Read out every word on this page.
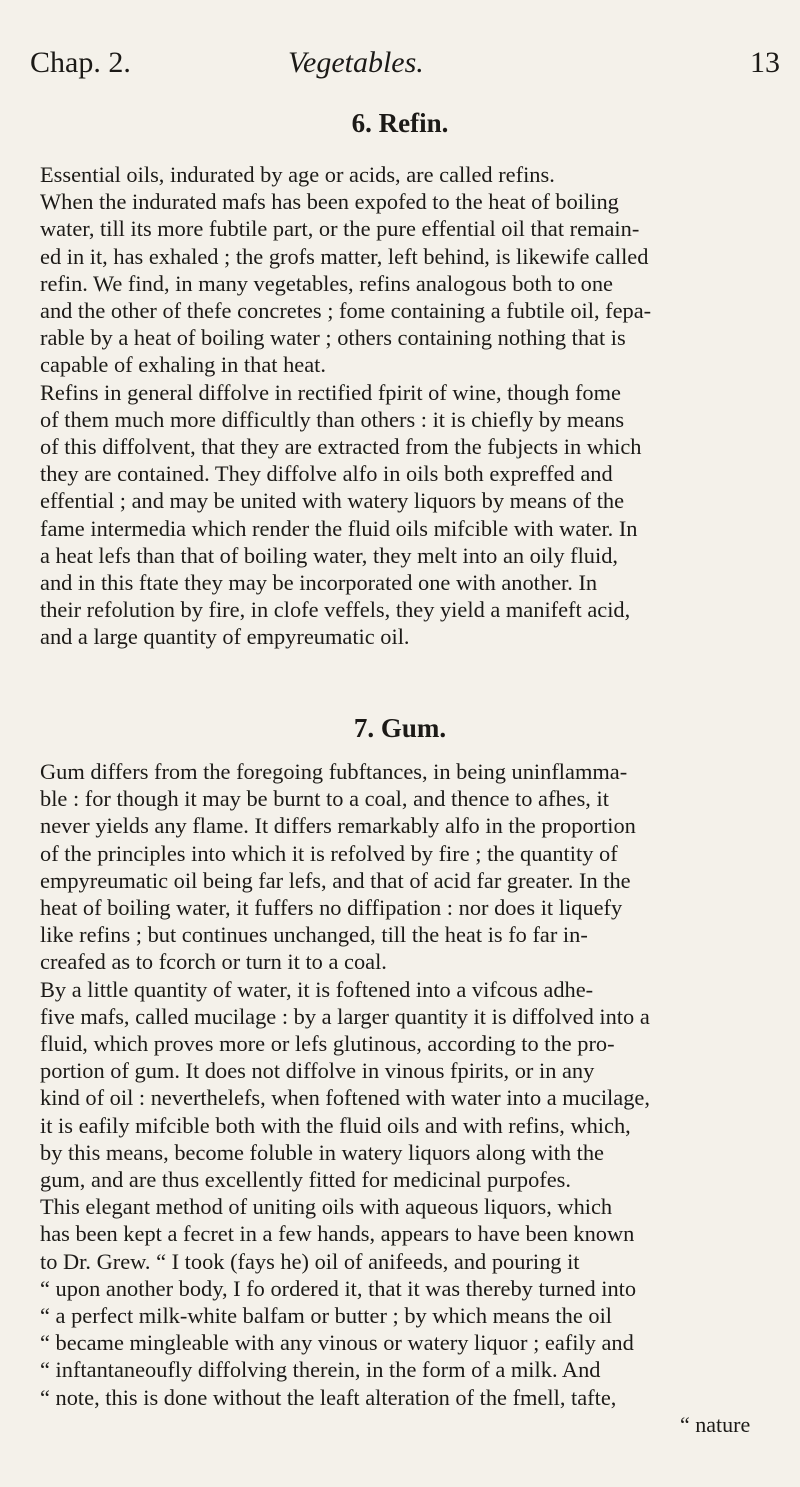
Chap. 2.	Vegetables.	13
6. Refin.
Essential oils, indurated by age or acids, are called refins.
When the indurated mafs has been expofed to the heat of boiling
water, till its more fubtile part, or the pure effential oil that remain-
ed in it, has exhaled ; the grofs matter, left behind, is likewife called
refin. We find, in many vegetables, refins analogous both to one
and the other of thefe concretes ; fome containing a fubtile oil, fepa-
rable by a heat of boiling water ; others containing nothing that is
capable of exhaling in that heat.
Refins in general diffolve in rectified fpirit of wine, though fome
of them much more difficultly than others : it is chiefly by means
of this diffolvent, that they are extracted from the fubjects in which
they are contained. They diffolve alfo in oils both expreffed and
effential ; and may be united with watery liquors by means of the
fame intermedia which render the fluid oils mifcible with water. In
a heat lefs than that of boiling water, they melt into an oily fluid,
and in this ftate they may be incorporated one with another. In
their refolution by fire, in clofe veffels, they yield a manifeft acid,
and a large quantity of empyreumatic oil.
7. Gum.
Gum differs from the foregoing fubftances, in being uninflamma-
ble : for though it may be burnt to a coal, and thence to afhes, it
never yields any flame. It differs remarkably alfo in the proportion
of the principles into which it is refolved by fire ; the quantity of
empyreumatic oil being far lefs, and that of acid far greater. In the
heat of boiling water, it fuffers no diffipation : nor does it liquefy
like refins ; but continues unchanged, till the heat is fo far in-
creafed as to fcorch or turn it to a coal.
By a little quantity of water, it is foftened into a vifcous adhe-
five mafs, called mucilage : by a larger quantity it is diffolved into a
fluid, which proves more or lefs glutinous, according to the pro-
portion of gum. It does not diffolve in vinous fpirits, or in any
kind of oil : neverthelefs, when foftened with water into a mucilage,
it is eafily mifcible both with the fluid oils and with refins, which,
by this means, become foluble in watery liquors along with the
gum, and are thus excellently fitted for medicinal purpofes.
This elegant method of uniting oils with aqueous liquors, which
has been kept a fecret in a few hands, appears to have been known
to Dr. Grew. “ I took (fays he) oil of anifeeds, and pouring it
“ upon another body, I fo ordered it, that it was thereby turned into
“ a perfect milk-white balfam or butter ; by which means the oil
“ became mingleable with any vinous or watery liquor ; eafily and
“ inftantaneoufly diffolving therein, in the form of a milk. And
“ note, this is done without the leaft alteration of the fmell, tafte,
“ nature
